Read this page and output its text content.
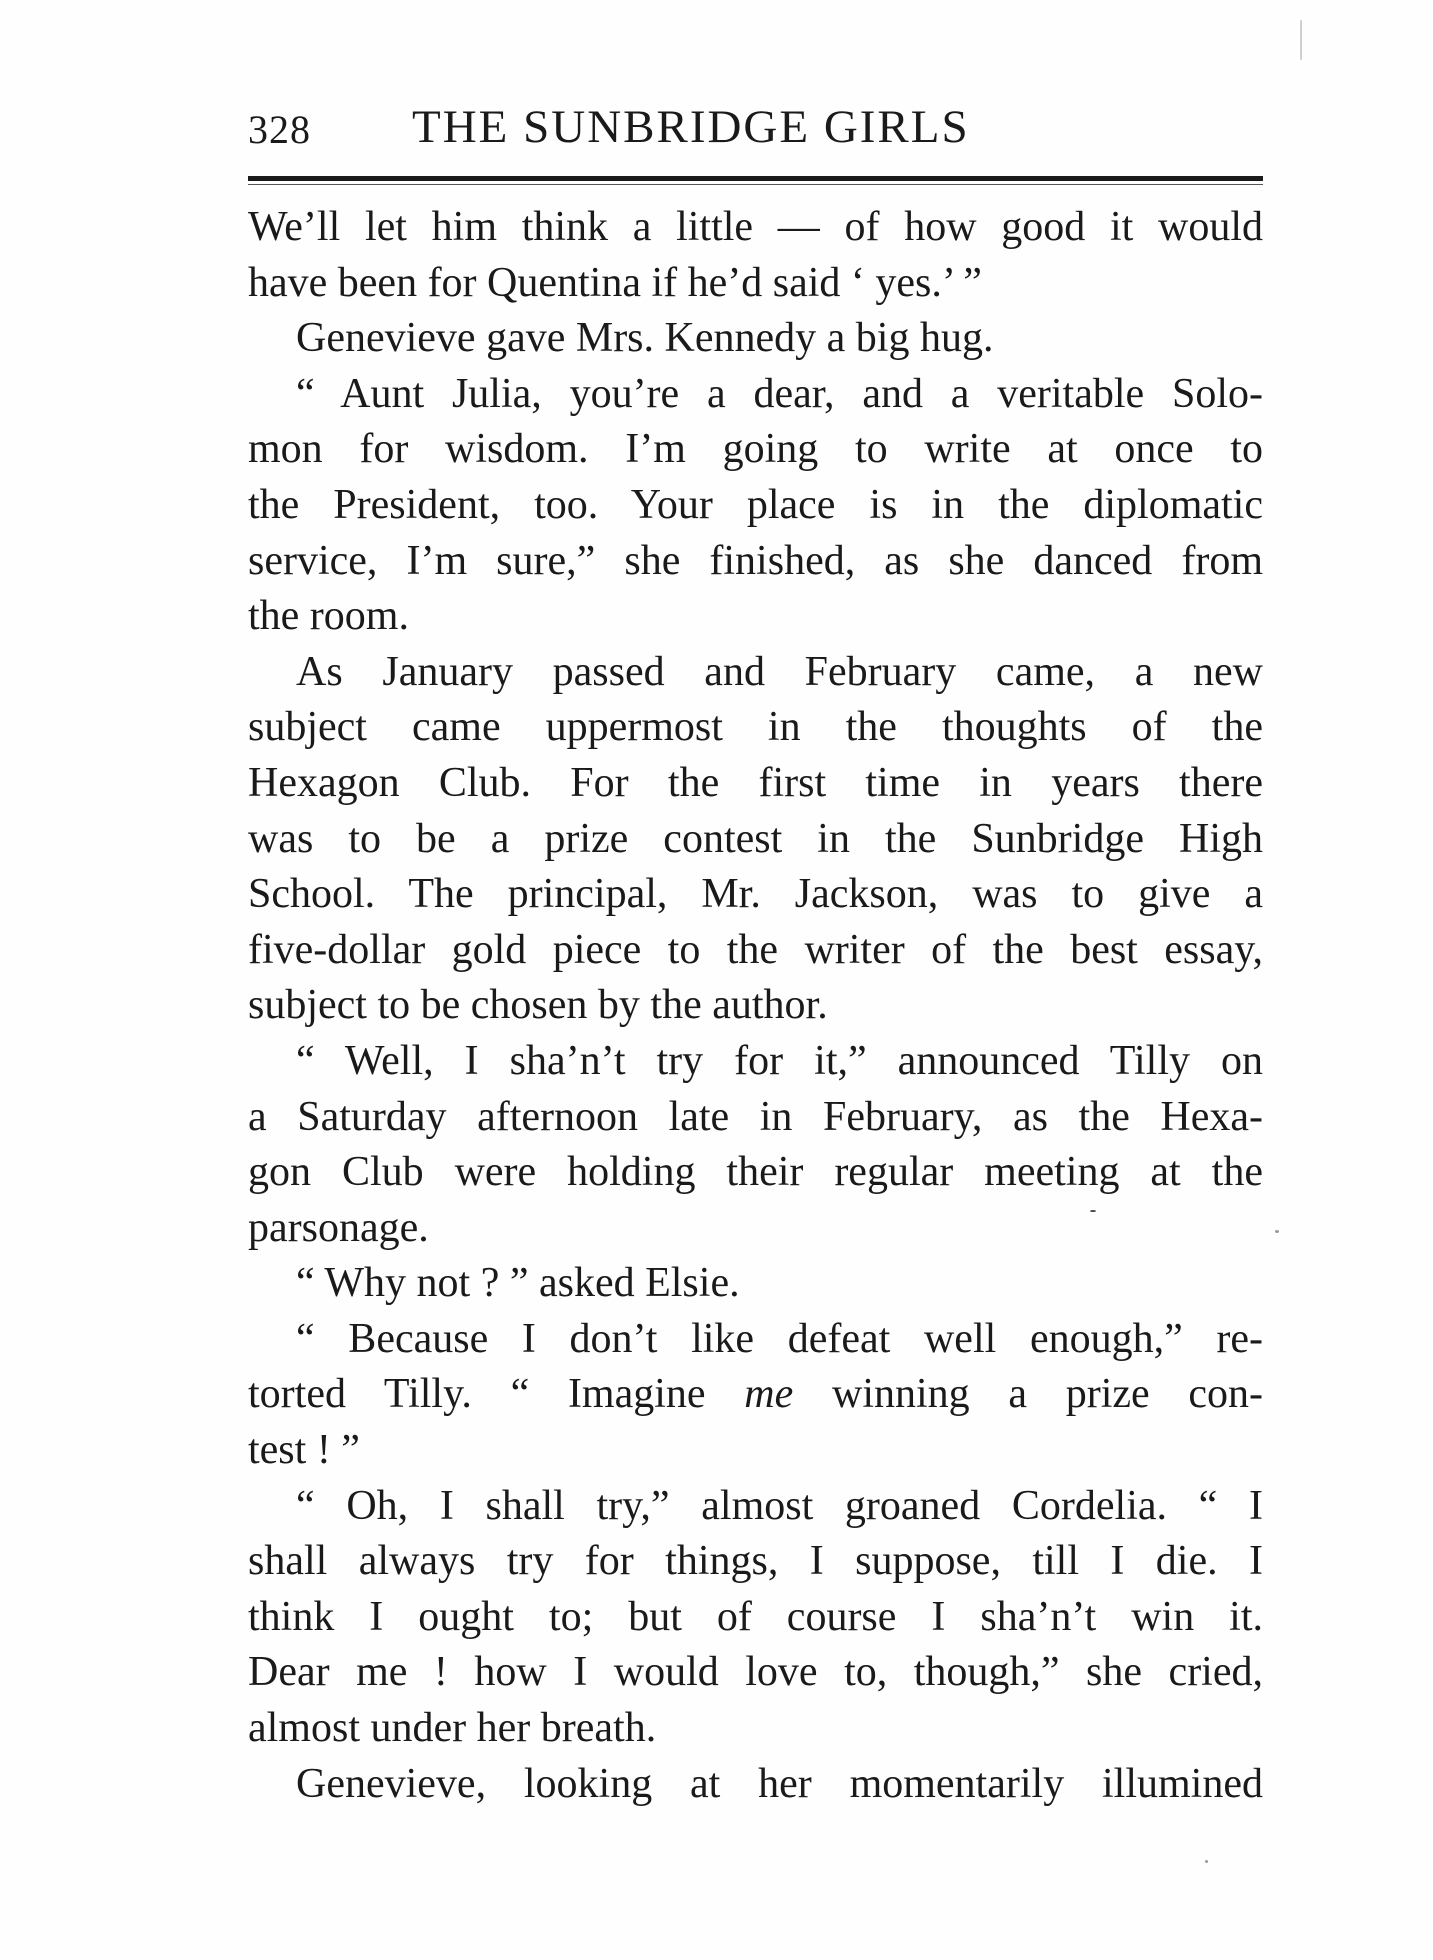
328 THE SUNBRIDGE GIRLS
We’ll let him think a little — of how good it would
have been for Quentina if he’d said ‘ yes.’ ”
Genevieve gave Mrs. Kennedy a big hug.
“ Aunt Julia, you’re a dear, and a veritable Solo-
mon for wisdom. I’m going to write at once to
the President, too. Your place is in the diplomatic
service, I’m sure,” she finished, as she danced from
the room.
As January passed and February came, a new
subject came uppermost in the thoughts of the
Hexagon Club. For the first time in years there
was to be a prize contest in the Sunbridge High
School. The principal, Mr. Jackson, was to give a
five-dollar gold piece to the writer of the best essay,
subject to be chosen by the author.
“ Well, I sha’n’t try for it,” announced Tilly on
a Saturday afternoon late in February, as the Hexa-
gon Club were holding their regular meeting at the
parsonage.
“ Why not ? ” asked Elsie.
“ Because I don’t like defeat well enough,” re-
torted Tilly. “ Imagine me winning a prize con-
test ! ”
“ Oh, I shall try,” almost groaned Cordelia. “ I
shall always try for things, I suppose, till I die. I
think I ought to; but of course I sha’n’t win it.
Dear me ! how I would love to, though,” she cried,
almost under her breath.
Genevieve, looking at her momentarily illumined
